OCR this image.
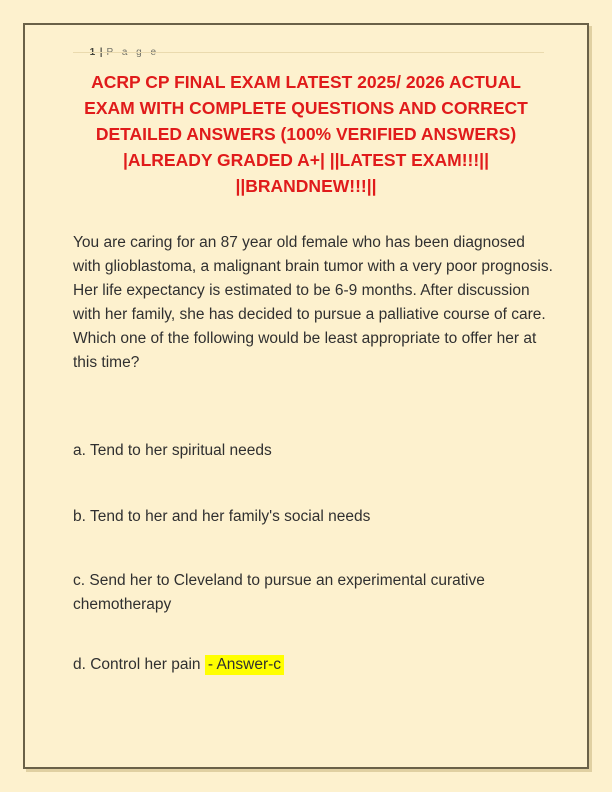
1 | P a g e

ACRP CP FINAL EXAM LATEST 2025/ 2026 ACTUAL
EXAM WITH COMPLETE QUESTIONS AND CORRECT
DETAILED ANSWERS (100% VERIFIED ANSWERS)
|ALREADY GRADED A+| ||LATEST EXAM!!!||
||BRANDNEW!!!||

You are caring for an 87 year old female who has been diagnosed with glioblastoma, a malignant brain tumor with a very poor prognosis. Her life expectancy is estimated to be 6-9 months. After discussion with her family, she has decided to pursue a palliative course of care. Which one of the following would be least appropriate to offer her at this time?

a. Tend to her spiritual needs

b. Tend to her and her family's social needs

c. Send her to Cleveland to pursue an experimental curative chemotherapy

d. Control her pain - Answer-c
